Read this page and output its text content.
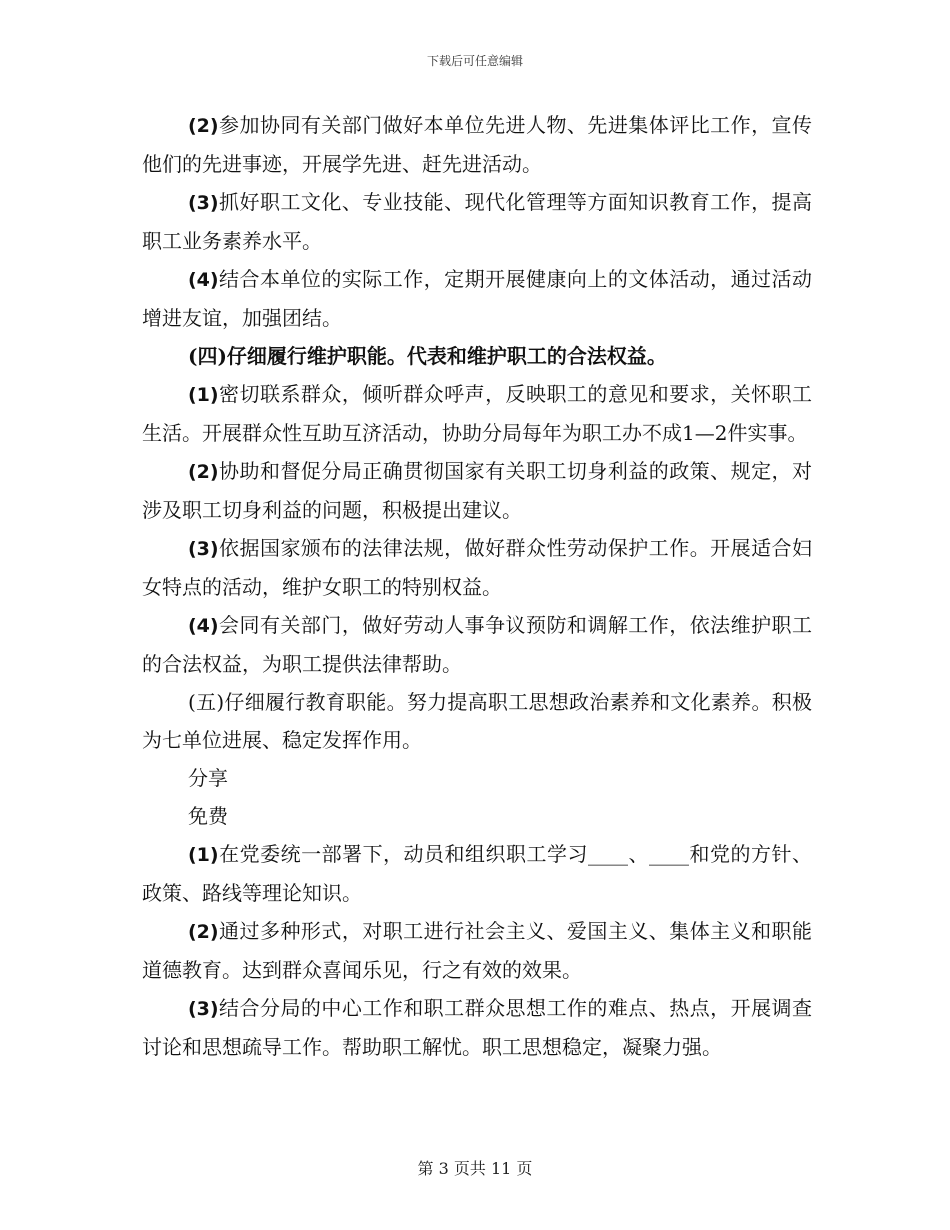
下载后可任意编辑

(2)参加协同有关部门做好本单位先进人物、先进集体评比工作，宣传他们的先进事迹，开展学先进、赶先进活动。

(3)抓好职工文化、专业技能、现代化管理等方面知识教育工作，提高职工业务素养水平。

(4)结合本单位的实际工作，定期开展健康向上的文体活动，通过活动增进友谊，加强团结。

(四)仔细履行维护职能。代表和维护职工的合法权益。

(1)密切联系群众，倾听群众呼声，反映职工的意见和要求，关怀职工生活。开展群众性互助互济活动，协助分局每年为职工办不成1—2件实事。

(2)协助和督促分局正确贯彻国家有关职工切身利益的政策、规定，对涉及职工切身利益的问题，积极提出建议。

(3)依据国家颁布的法律法规，做好群众性劳动保护工作。开展适合妇女特点的活动，维护女职工的特别权益。

(4)会同有关部门，做好劳动人事争议预防和调解工作，依法维护职工的合法权益，为职工提供法律帮助。

(五)仔细履行教育职能。努力提高职工思想政治素养和文化素养。积极为七单位进展、稳定发挥作用。

分享

免费

(1)在党委统一部署下，动员和组织职工学习____、____和党的方针、政策、路线等理论知识。

(2)通过多种形式，对职工进行社会主义、爱国主义、集体主义和职能道德教育。达到群众喜闻乐见，行之有效的效果。

(3)结合分局的中心工作和职工群众思想工作的难点、热点，开展调查讨论和思想疏导工作。帮助职工解忧。职工思想稳定，凝聚力强。

第 3 页共 11 页
